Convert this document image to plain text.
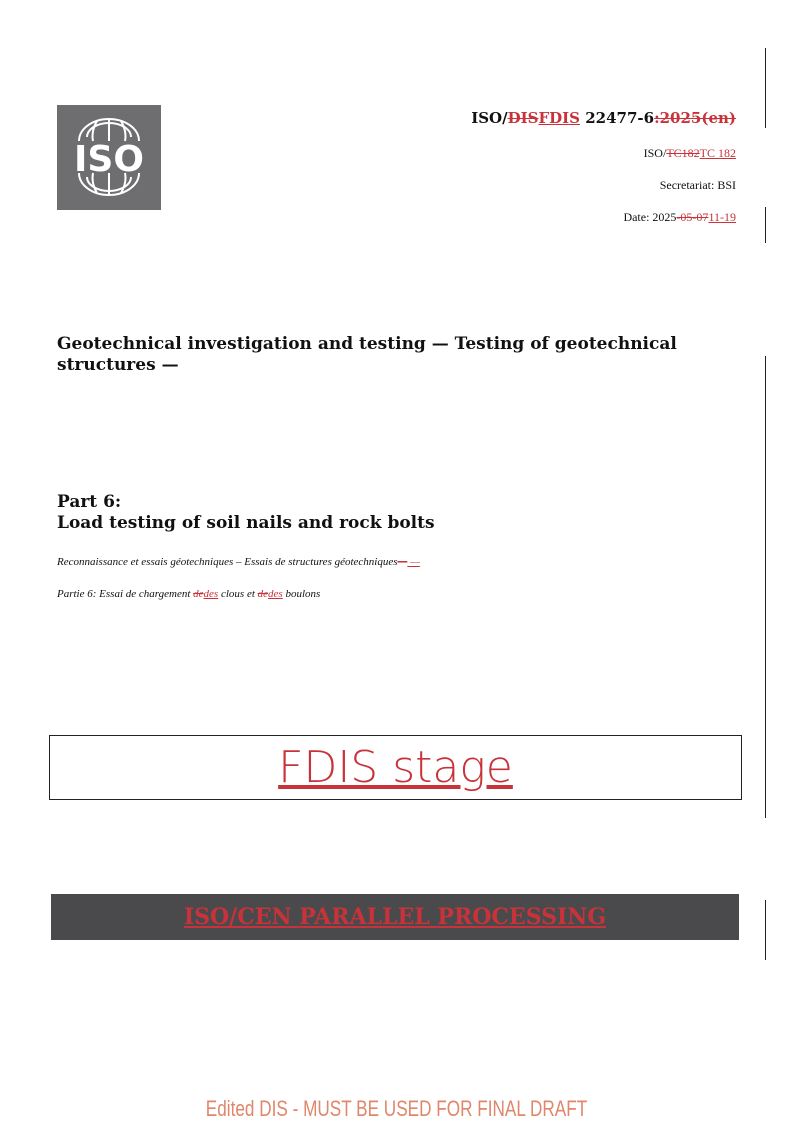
ISO
ISO/DISFDIS 22477-6:2025(en)
ISO/TC182TC 182
Secretariat: BSI
Date: 2025-05-0711-19
Geotechnical investigation and testing — Testing of geotechnical structures —
Part 6:
Load testing of soil nails and rock bolts
Reconnaissance et essais géotechniques – Essais de structures géotechniques— —
Partie 6: Essai de chargement dedes clous et dedes boulons
FDIS stage
ISO/CEN PARALLEL PROCESSING
Edited DIS - MUST BE USED FOR FINAL DRAFT
